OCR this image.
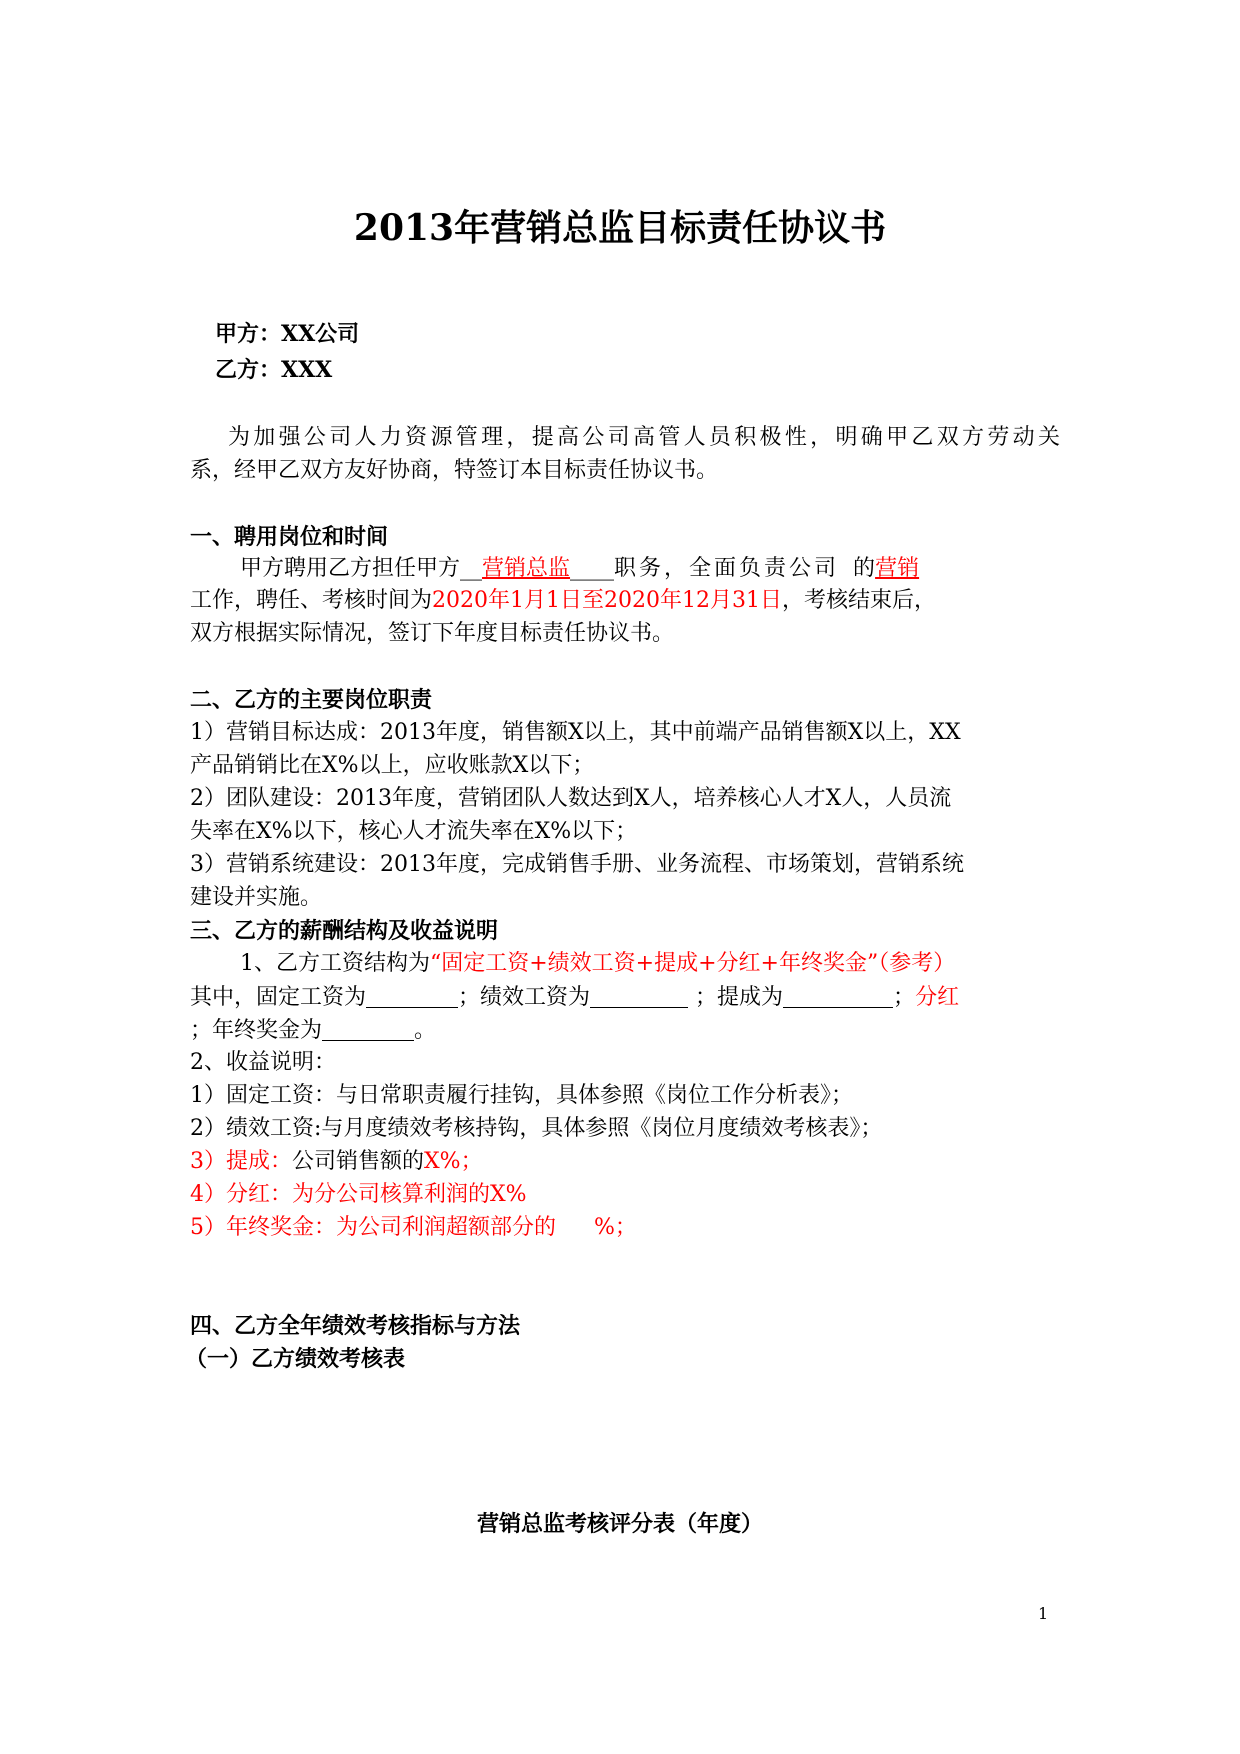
2013年营销总监目标责任协议书
甲方：XX公司
乙方：XXX
为加强公司人力资源管理，提高公司高管人员积极性，明确甲乙双方劳动关
系，经甲乙双方友好协商，特签订本目标责任协议书。
一、聘用岗位和时间
甲方聘用乙方担任甲方__营销总监____职务，全面负责公司 的营销
工作，聘任、考核时间为2020年1月1日至2020年12月31日，考核结束后，
双方根据实际情况，签订下年度目标责任协议书。
二、乙方的主要岗位职责
1）营销目标达成：2013年度，销售额X以上，其中前端产品销售额X以上，XX
产品销销比在X%以上，应收账款X以下；
2）团队建设：2013年度，营销团队人数达到X人，培养核心人才X人，人员流
失率在X%以下，核心人才流失率在X%以下；
3）营销系统建设：2013年度，完成销售手册、业务流程、市场策划，营销系统
建设并实施。
三、乙方的薪酬结构及收益说明
1、乙方工资结构为“固定工资+绩效工资+提成+分红+年终奖金”（参考）
其中，固定工资为	；绩效工资为	；提成为	；分红
；年终奖金为	。
2、收益说明：
1）固定工资：与日常职责履行挂钩，具体参照《岗位工作分析表》；
2）绩效工资:与月度绩效考核持钩，具体参照《岗位月度绩效考核表》；
3）提成：公司销售额的X%；
4）分红：为分公司核算利润的X%
5）年终奖金：为公司利润超额部分的 %；
四、乙方全年绩效考核指标与方法
（一）乙方绩效考核表
营销总监考核评分表（年度）
1
